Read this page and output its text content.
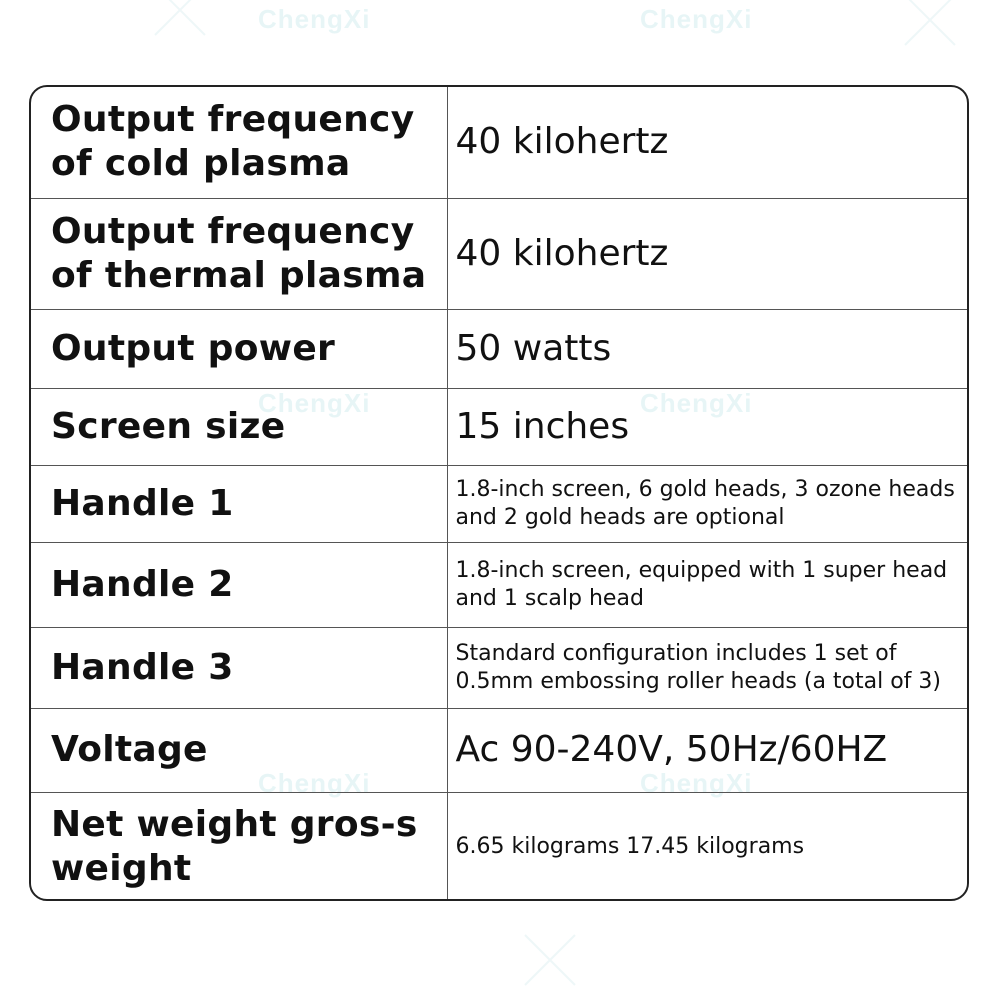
ChengXi	ChengXi
ChengXi	ChengXi
ChengXi	ChengXi
Output frequency of cold plasma	40 kilohertz
Output frequency of thermal plasma	40 kilohertz
Output power	50 watts
Screen size	15 inches
Handle 1	1.8-inch screen, 6 gold heads, 3 ozone heads and 2 gold heads are optional
Handle 2	1.8-inch screen, equipped with 1 super head and 1 scalp head
Handle 3	Standard configuration includes 1 set of 0.5mm embossing roller heads (a total of 3)
Voltage	Ac 90-240V, 50Hz/60HZ
Net weight gros-s weight	6.65 kilograms 17.45 kilograms
